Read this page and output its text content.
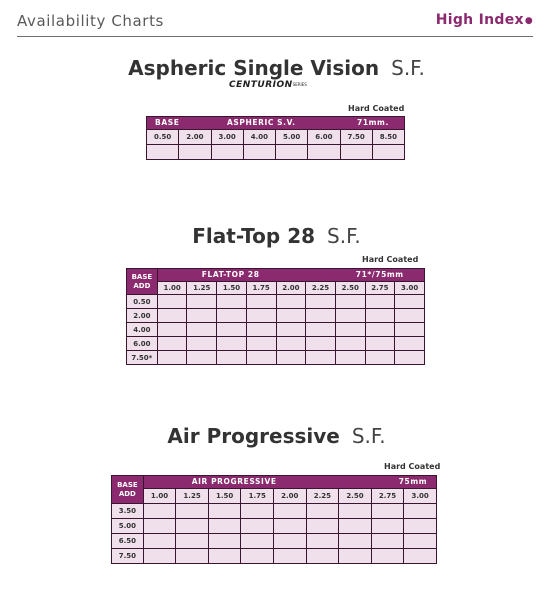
Availability Charts	High Index●
Aspheric Single Vision S.F.
CENTURIONSERIES
Hard Coated
BASE ASPHERIC S.V. 71mm.							

0.50	2.00	3.00	4.00	5.00	6.00	7.50	8.50

Flat-Top 28 S.F.
Hard Coated
BASE
ADD	FLAT-TOP 28 71*/75mm								

	1.00	1.25	1.50	1.75	2.00	2.25	2.50	2.75	3.00
0.50									
2.00									
4.00									
6.00									
7.50*									
Air Progressive S.F.
Hard Coated
BASE
ADD	AIR PROGRESSIVE 75mm								

	1.00	1.25	1.50	1.75	2.00	2.25	2.50	2.75	3.00
3.50									
5.00									
6.50									
7.50									
